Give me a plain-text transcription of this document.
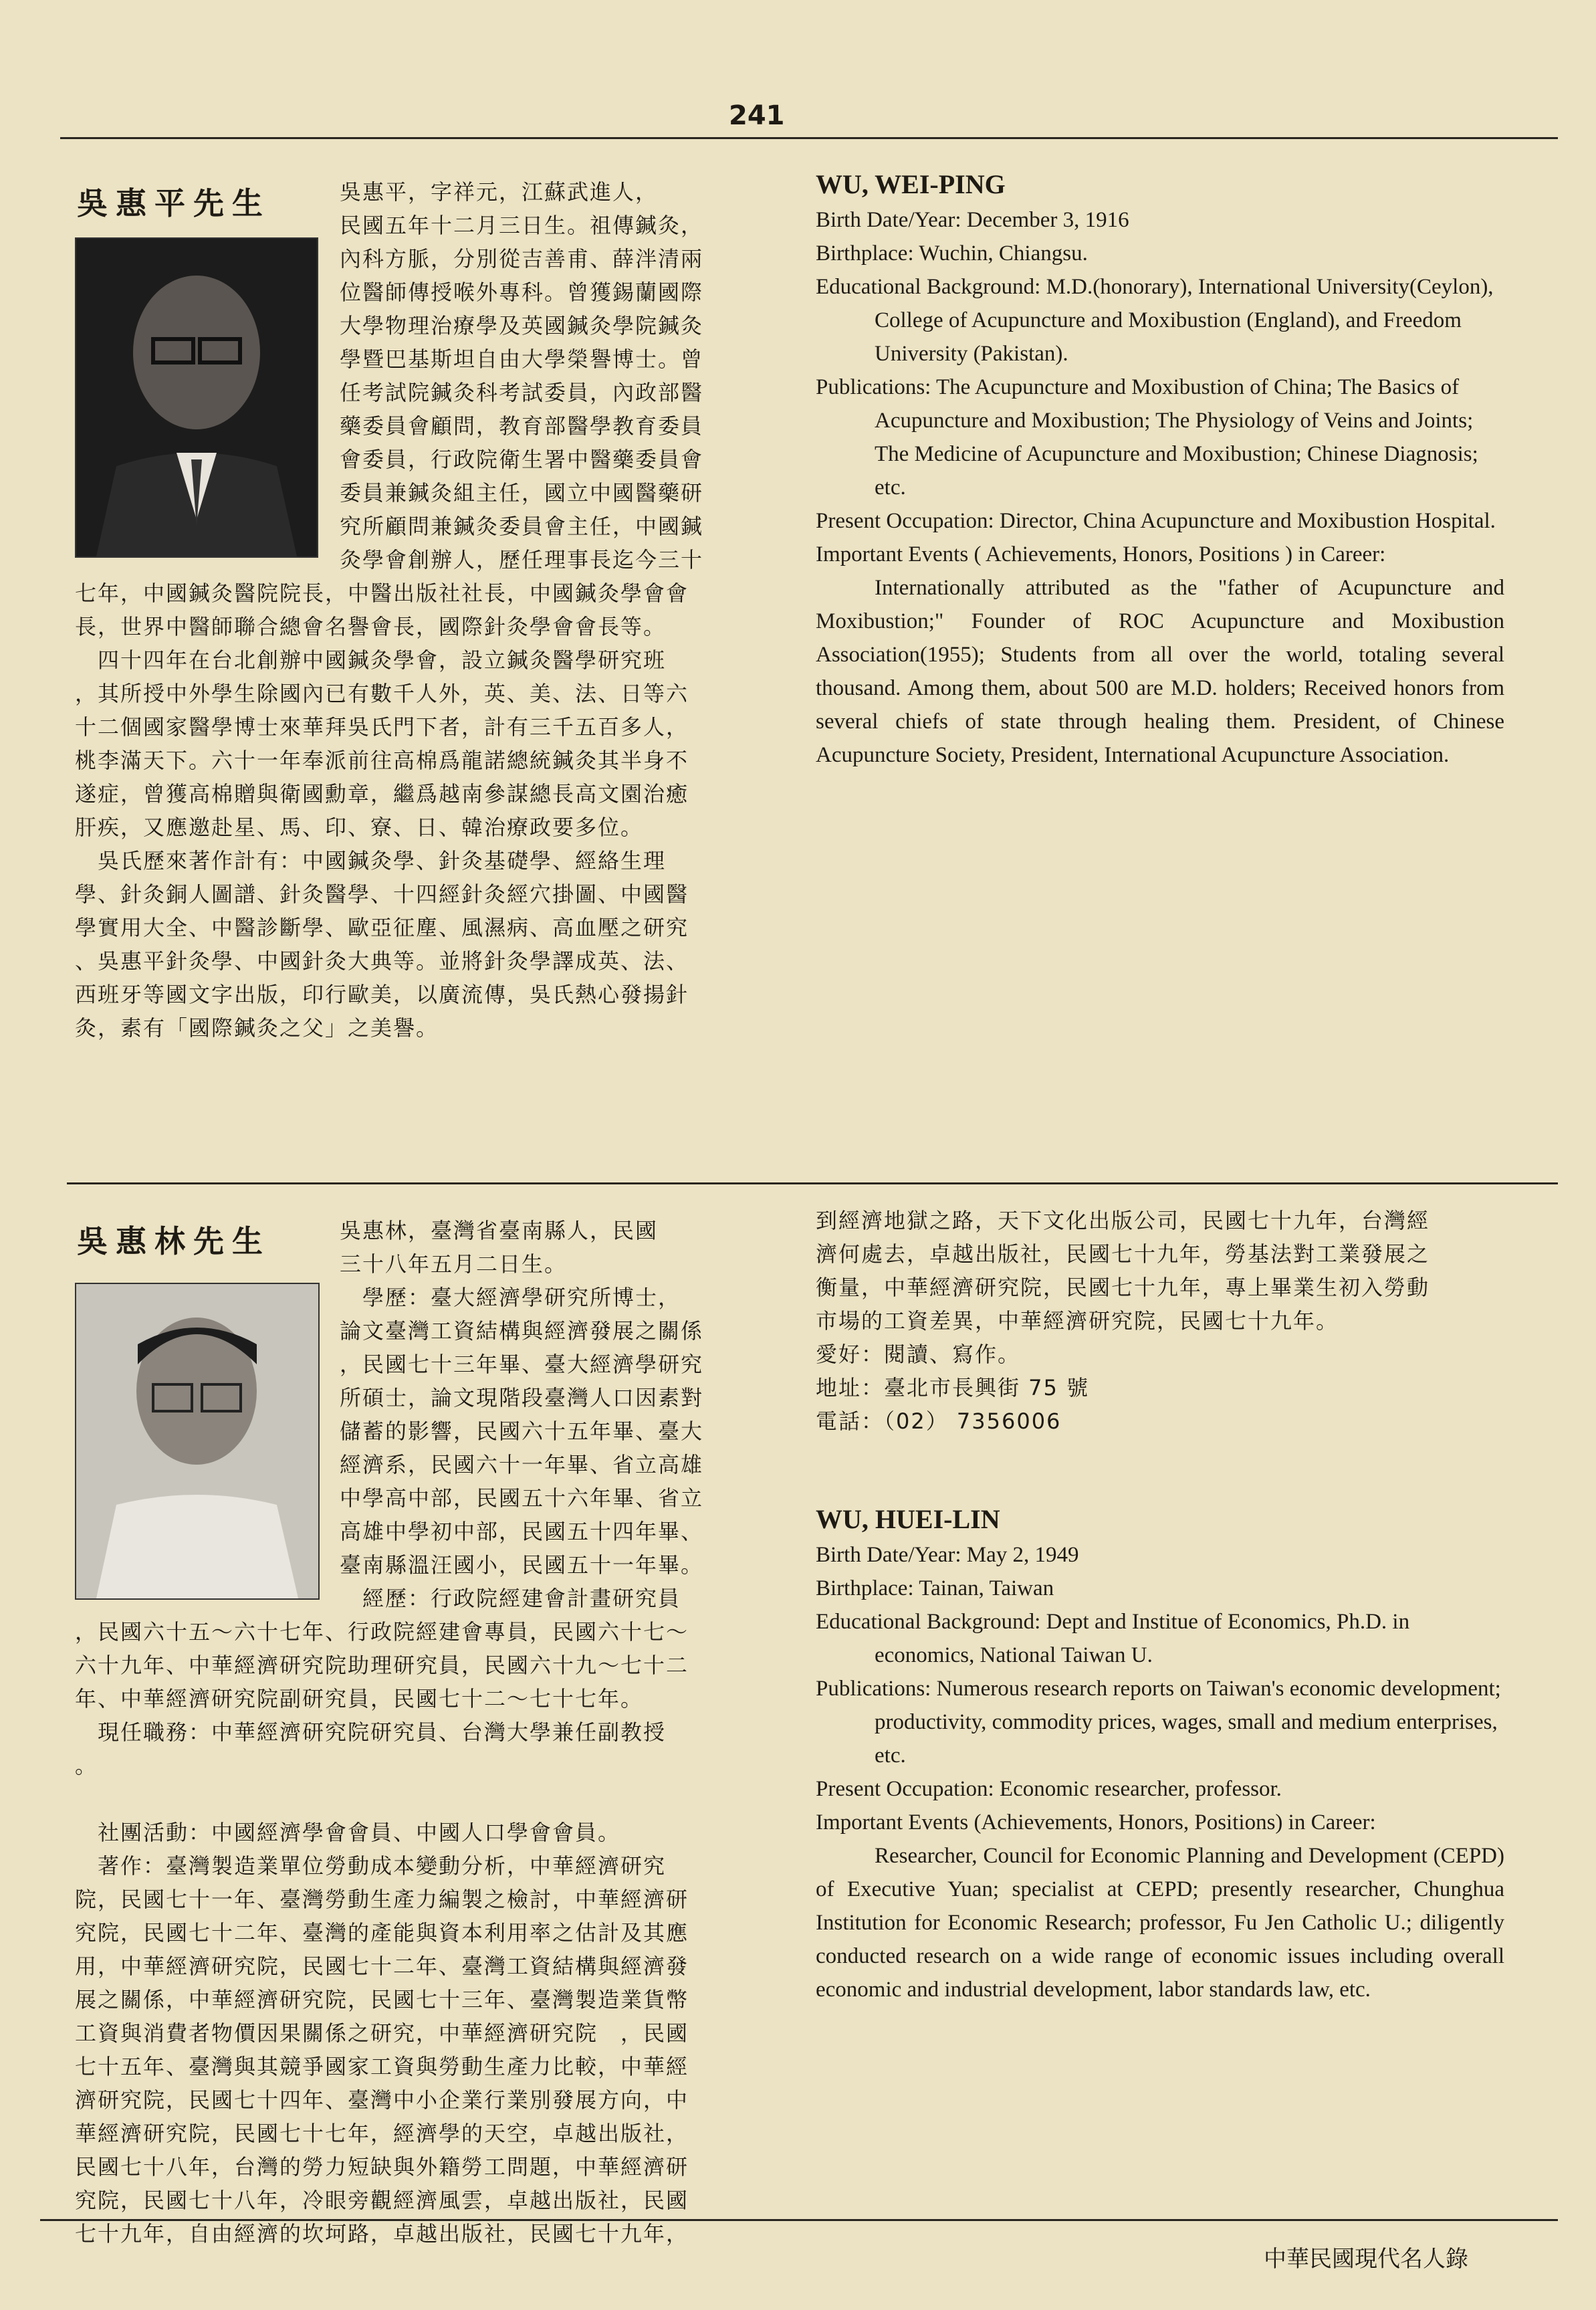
241
吳惠平先生	吳惠平，字祥元，江蘇武進人，
民國五年十二月三日生。祖傳鍼灸，
內科方脈，分別從吉善甫、薛泮清兩
位醫師傳授喉外專科。曾獲錫蘭國際
大學物理治療學及英國鍼灸學院鍼灸
學暨巴基斯坦自由大學榮譽博士。曾
任考試院鍼灸科考試委員，內政部醫
藥委員會顧問，教育部醫學教育委員
會委員，行政院衛生署中醫藥委員會
委員兼鍼灸組主任，國立中國醫藥研
究所顧問兼鍼灸委員會主任，中國鍼
灸學會創辦人，歷任理事長迄今三十
七年，中國鍼灸醫院院長，中醫出版社社長，中國鍼灸學會會
長，世界中醫師聯合總會名譽會長，國際針灸學會會長等。
　四十四年在台北創辦中國鍼灸學會，設立鍼灸醫學研究班
，其所授中外學生除國內已有數千人外，英、美、法、日等六
十二個國家醫學博士來華拜吳氏門下者，計有三千五百多人，
桃李滿天下。六十一年奉派前往高棉爲龍諾總統鍼灸其半身不
遂症，曾獲高棉贈與衛國勳章，繼爲越南參謀總長高文園治癒
肝疾，又應邀赴星、馬、印、寮、日、韓治療政要多位。
　吳氏歷來著作計有：中國鍼灸學、針灸基礎學、經絡生理
學、針灸銅人圖譜、針灸醫學、十四經針灸經穴掛圖、中國醫
學實用大全、中醫診斷學、歐亞征塵、風濕病、高血壓之研究
、吳惠平針灸學、中國針灸大典等。並將針灸學譯成英、法、
西班牙等國文字出版，印行歐美，以廣流傳，吳氏熱心發揚針
灸，素有「國際鍼灸之父」之美譽。
WU, WEI-PING

Birth Date/Year: December 3, 1916

Birthplace: Wuchin, Chiangsu.

Educational Background: M.D.(honorary), International University(Ceylon), College of Acupuncture and Moxibustion (England), and Freedom University (Pakistan).

Publications: The Acupuncture and Moxibustion of China; The Basics of Acupuncture and Moxibustion; The Physiology of Veins and Joints; The Medicine of Acupuncture and Moxibustion; Chinese Diagnosis; etc.

Present Occupation: Director, China Acupuncture and Moxibustion Hospital.

Important Events ( Achievements, Honors, Positions ) in Career:

Internationally attributed as the "father of Acupuncture and Moxibustion;" Founder of ROC Acupuncture and Moxibustion Association(1955); Students from all over the world, totaling several thousand. Among them, about 500 are M.D. holders; Received honors from several chiefs of state through healing them. President, of Chinese Acupuncture Society, President, International Acupuncture Association.

吳惠林先生	吳惠林，臺灣省臺南縣人，民國
三十八年五月二日生。
　學歷：臺大經濟學研究所博士，
論文臺灣工資結構與經濟發展之關係
，民國七十三年畢、臺大經濟學研究
所碩士，論文現階段臺灣人口因素對
儲蓄的影響，民國六十五年畢、臺大
經濟系，民國六十一年畢、省立高雄
中學高中部，民國五十六年畢、省立
高雄中學初中部，民國五十四年畢、
臺南縣溫汪國小，民國五十一年畢。
　經歷：行政院經建會計畫研究員
，民國六十五～六十七年、行政院經建會專員，民國六十七～
六十九年、中華經濟研究院助理研究員，民國六十九～七十二
年、中華經濟研究院副研究員，民國七十二～七十七年。
　現任職務：中華經濟研究院研究員、台灣大學兼任副教授
。

　社團活動：中國經濟學會會員、中國人口學會會員。
　著作：臺灣製造業單位勞動成本變動分析，中華經濟研究
院，民國七十一年、臺灣勞動生產力編製之檢討，中華經濟研
究院，民國七十二年、臺灣的產能與資本利用率之估計及其應
用，中華經濟研究院，民國七十二年、臺灣工資結構與經濟發
展之關係，中華經濟研究院，民國七十三年、臺灣製造業貨幣
工資與消費者物價因果關係之研究，中華經濟研究院　，民國
七十五年、臺灣與其競爭國家工資與勞動生產力比較，中華經
濟研究院，民國七十四年、臺灣中小企業行業別發展方向，中
華經濟研究院，民國七十七年，經濟學的天空，卓越出版社，
民國七十八年，台灣的勞力短缺與外籍勞工問題，中華經濟研
究院，民國七十八年，冷眼旁觀經濟風雲，卓越出版社，民國
七十九年，自由經濟的坎坷路，卓越出版社，民國七十九年，
到經濟地獄之路，天下文化出版公司，民國七十九年，台灣經
濟何處去，卓越出版社，民國七十九年，勞基法對工業發展之
衡量，中華經濟研究院，民國七十九年，專上畢業生初入勞動
市場的工資差異，中華經濟研究院，民國七十九年。
愛好：閱讀、寫作。
地址：臺北市長興街 75 號
電話：（02） 7356006
WU, HUEI-LIN

Birth Date/Year: May 2, 1949

Birthplace: Tainan, Taiwan

Educational Background: Dept and Institue of Economics, Ph.D. in economics, National Taiwan U.

Publications: Numerous research reports on Taiwan's economic development; productivity, commodity prices, wages, small and medium enterprises, etc.

Present Occupation: Economic researcher, professor.

Important Events (Achievements, Honors, Positions) in Career:

Researcher, Council for Economic Planning and Development (CEPD) of Executive Yuan; specialist at CEPD; presently researcher, Chunghua Institution for Economic Research; professor, Fu Jen Catholic U.; diligently conducted research on a wide range of economic issues including overall economic and industrial development, labor standards law, etc.

中華民國現代名人錄
